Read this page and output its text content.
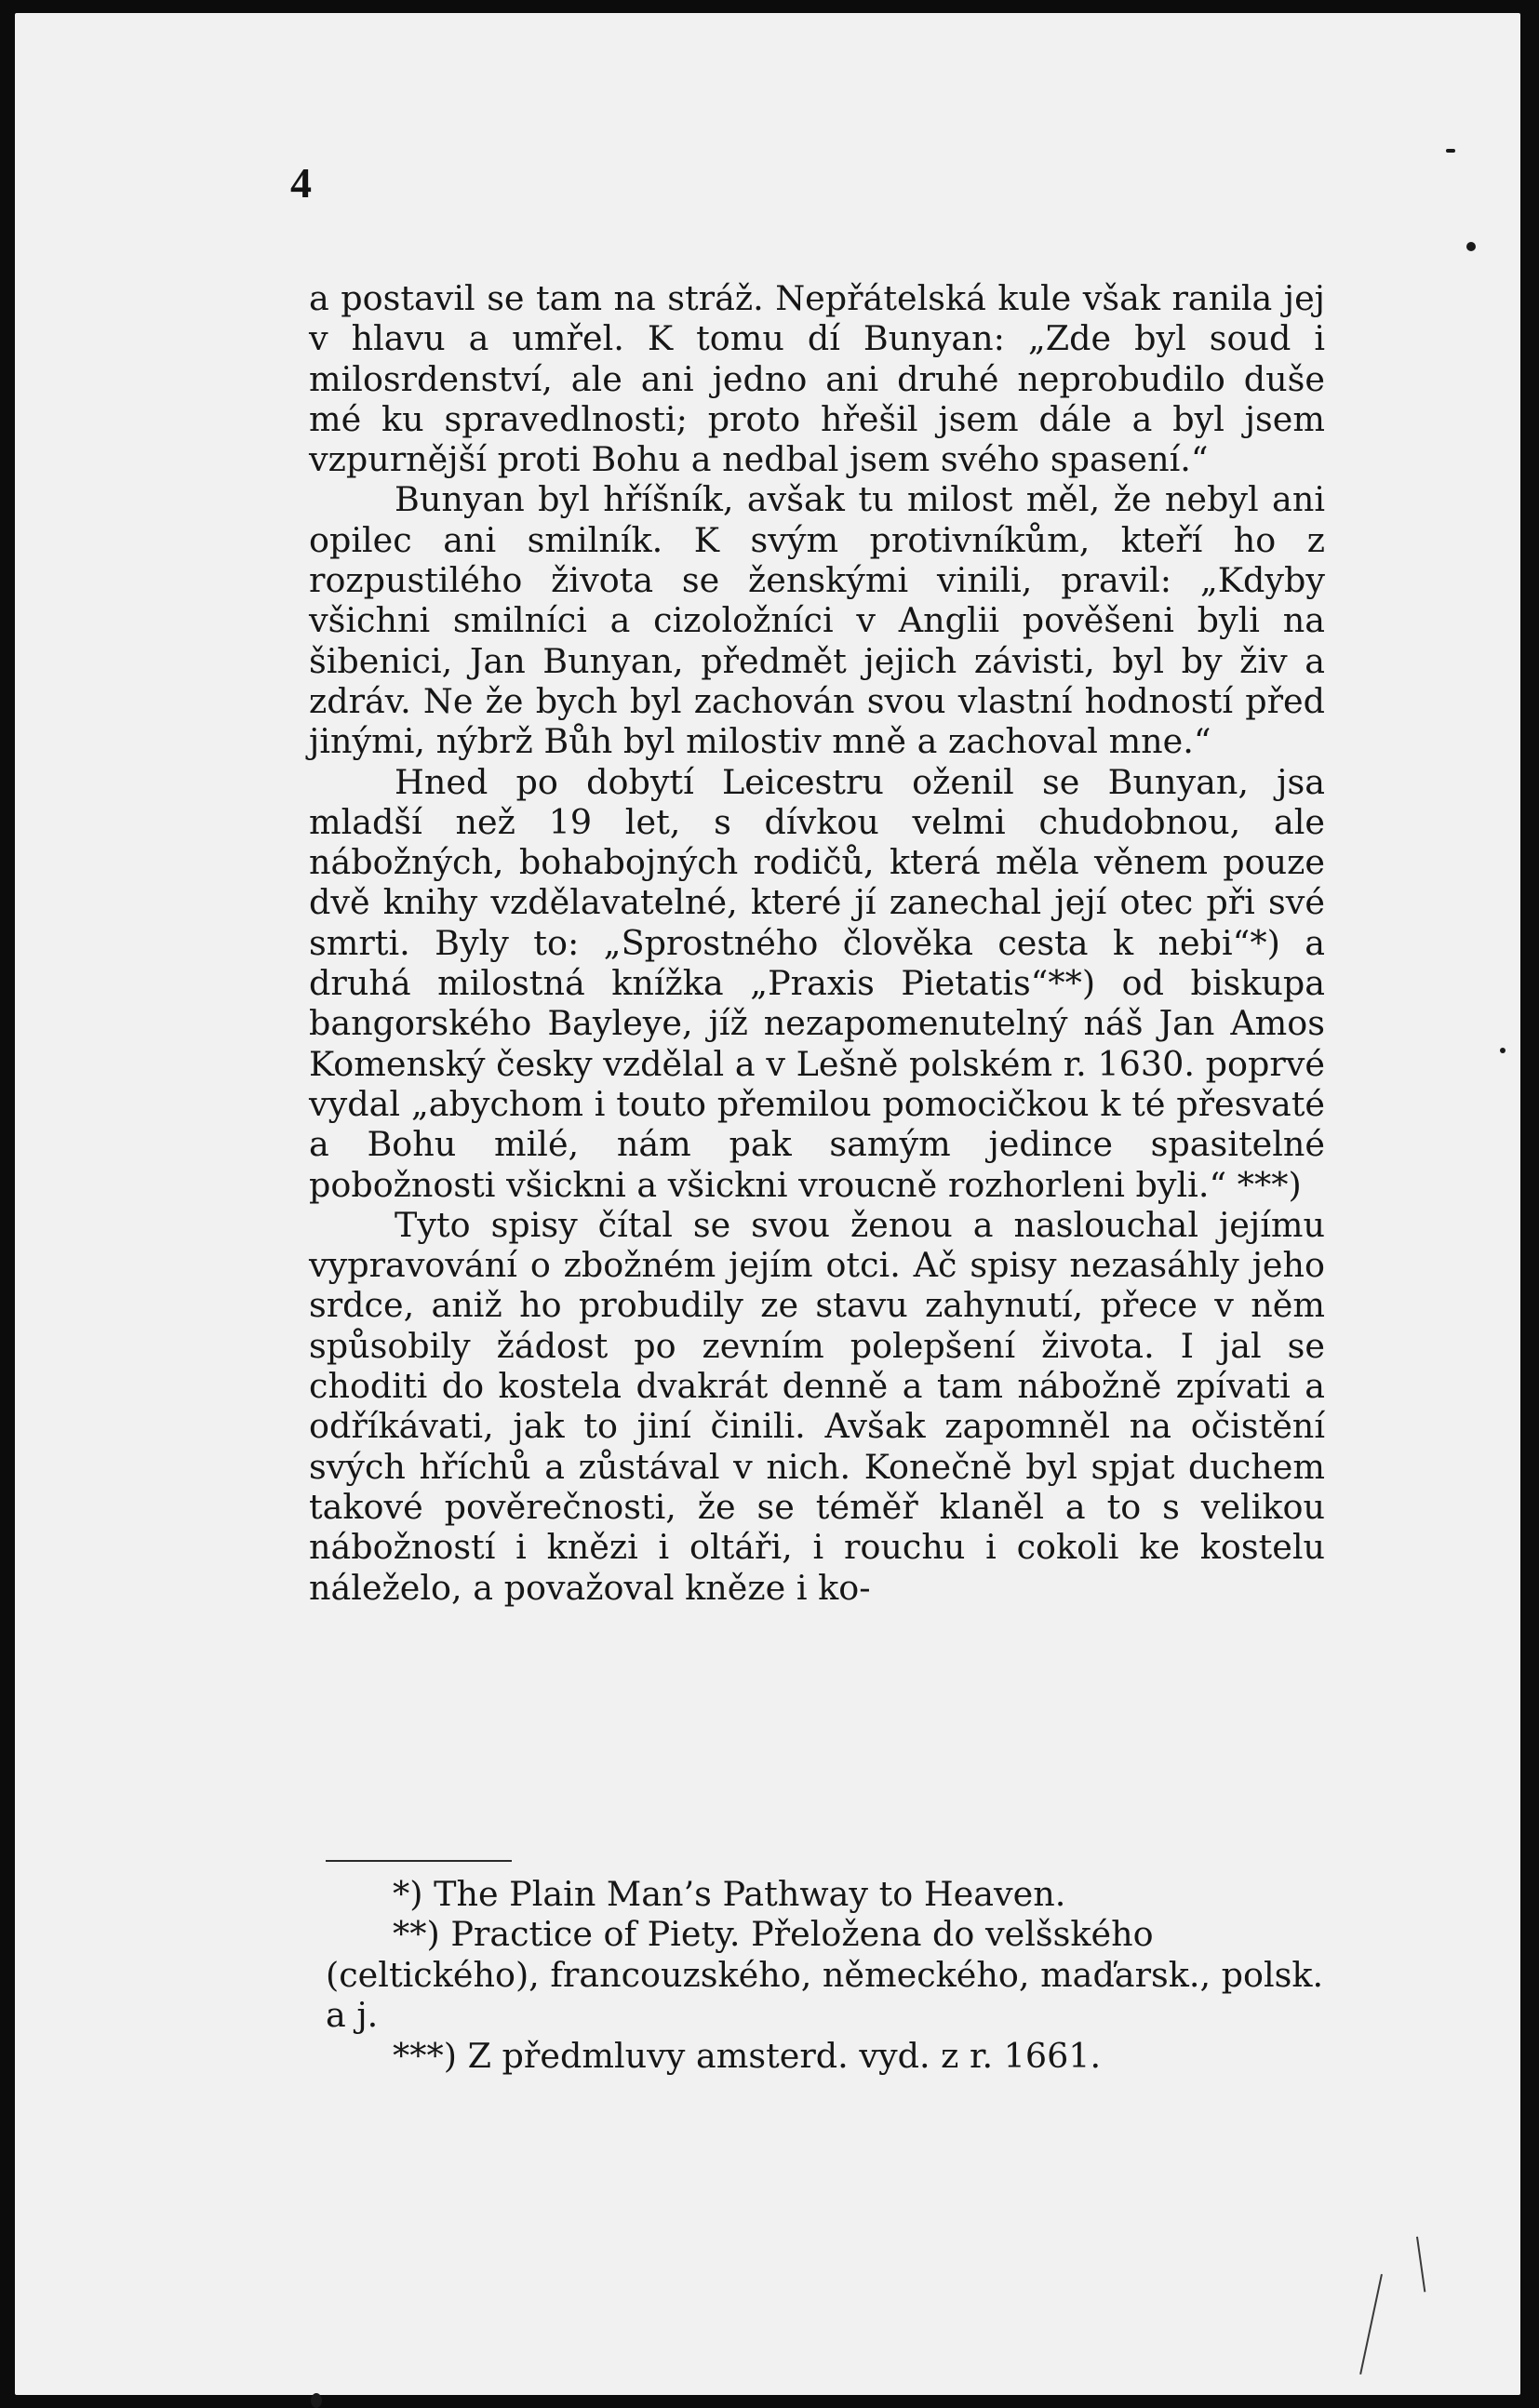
4

a postavil se tam na stráž. Nepřátelská kule však ranila jej v hlavu a umřel. K tomu dí Bunyan: „Zde byl soud i milosrdenství, ale ani jedno ani druhé neprobudilo duše mé ku spravedlnosti; proto hřešil jsem dále a byl jsem vzpurnější proti Bohu a nedbal jsem svého spasení.“

Bunyan byl hříšník, avšak tu milost měl, že nebyl ani opilec ani smilník. K svým protivníkům, kteří ho z rozpustilého života se ženskými vinili, pravil: „Kdyby všichni smilníci a cizoložníci v Anglii pověšeni byli na šibenici, Jan Bunyan, předmět jejich závisti, byl by živ a zdráv. Ne že bych byl zachován svou vlastní hodností před jinými, nýbrž Bůh byl milostiv mně a zachoval mne.“

Hned po dobytí Leicestru oženil se Bunyan, jsa mladší než 19 let, s dívkou velmi chudobnou, ale nábožných, bohabojných rodičů, která měla věnem pouze dvě knihy vzdělavatelné, které jí zanechal její otec při své smrti. Byly to: „Sprostného člověka cesta k nebi“*) a druhá milostná knížka „Praxis Pietatis“**) od biskupa bangorského Bayleye, jíž nezapomenutelný náš Jan Amos Komenský česky vzdělal a v Lešně polském r. 1630. poprvé vydal „abychom i touto přemilou pomocičkou k té přesvaté a Bohu milé, nám pak samým jedince spasitelné pobožnosti všickni a všickni vroucně rozhorleni byli.“ ***)

Tyto spisy čítal se svou ženou a naslouchal jejímu vypravování o zbožném jejím otci. Ač spisy nezasáhly jeho srdce, aniž ho probudily ze stavu zahynutí, přece v něm spůsobily žádost po zevním polepšení života. I jal se choditi do kostela dvakrát denně a tam nábožně zpívati a odříkávati, jak to jiní činili. Avšak zapomněl na očistění svých hříchů a zůstával v nich. Konečně byl spjat duchem takové pověrečnosti, že se téměř klaněl a to s velikou nábožností i knězi i oltáři, i rouchu i cokoli ke kostelu náleželo, a považoval kněze i ko-

*) The Plain Man’s Pathway to Heaven.

**) Practice of Piety. Přeložena do velšského (celtického), francouzského, německého, maďarsk., polsk. a j.

***) Z předmluvy amsterd. vyd. z r. 1661.
